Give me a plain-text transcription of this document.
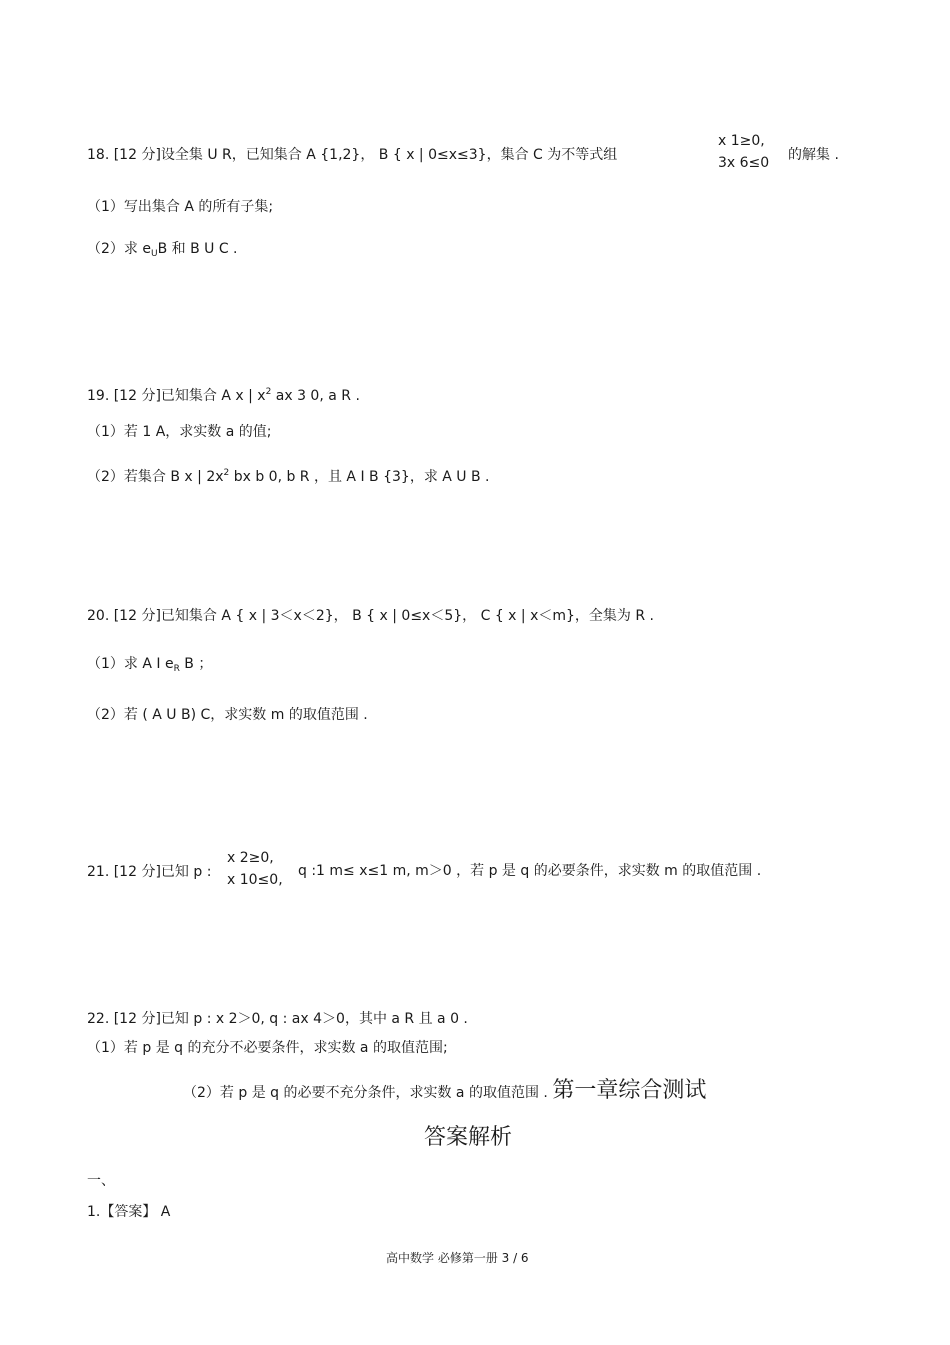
18. [12 分]设全集 U R，已知集合 A {1,2}， B { x | 0≤x≤3}，集合 C 为不等式组
x 1≥0,
3x 6≤0 的解集 .
（1）写出集合 A 的所有子集;
（2）求 $e_UB$ 和 B U C .
19. [12 分]已知集合 A x | $x^2$ ax 3 0, a R .
（1）若 1 A，求实数 a 的值;
（2）若集合 B x | $2x^2$ bx b 0, b R ，且 A I B {3}，求 A U B .
20. [12 分]已知集合 A { x | 3＜x＜2}， B { x | 0≤x＜5}， C { x | x＜m}，全集为 R .
（1）求 A I $e_R$ B ；
（2）若 ( A U B) C，求实数 m 的取值范围 .
21. [12 分]已知 p :
x 2≥0,
x 10≤0,
q :1 m≤ x≤1 m, m＞0 ，若 p 是 q 的必要条件，求实数 m 的取值范围 .
22. [12 分]已知 p : x 2＞0, q : ax 4＞0，其中 a R 且 a 0 .
（1）若 p 是 q 的充分不必要条件，求实数 a 的取值范围;
（2）若 p 是 q 的必要不充分条件，求实数 a 的取值范围 . 第一章综合测试
答案解析
一、
1.【答案】 A
高中数学 必修第一册 3 / 6
